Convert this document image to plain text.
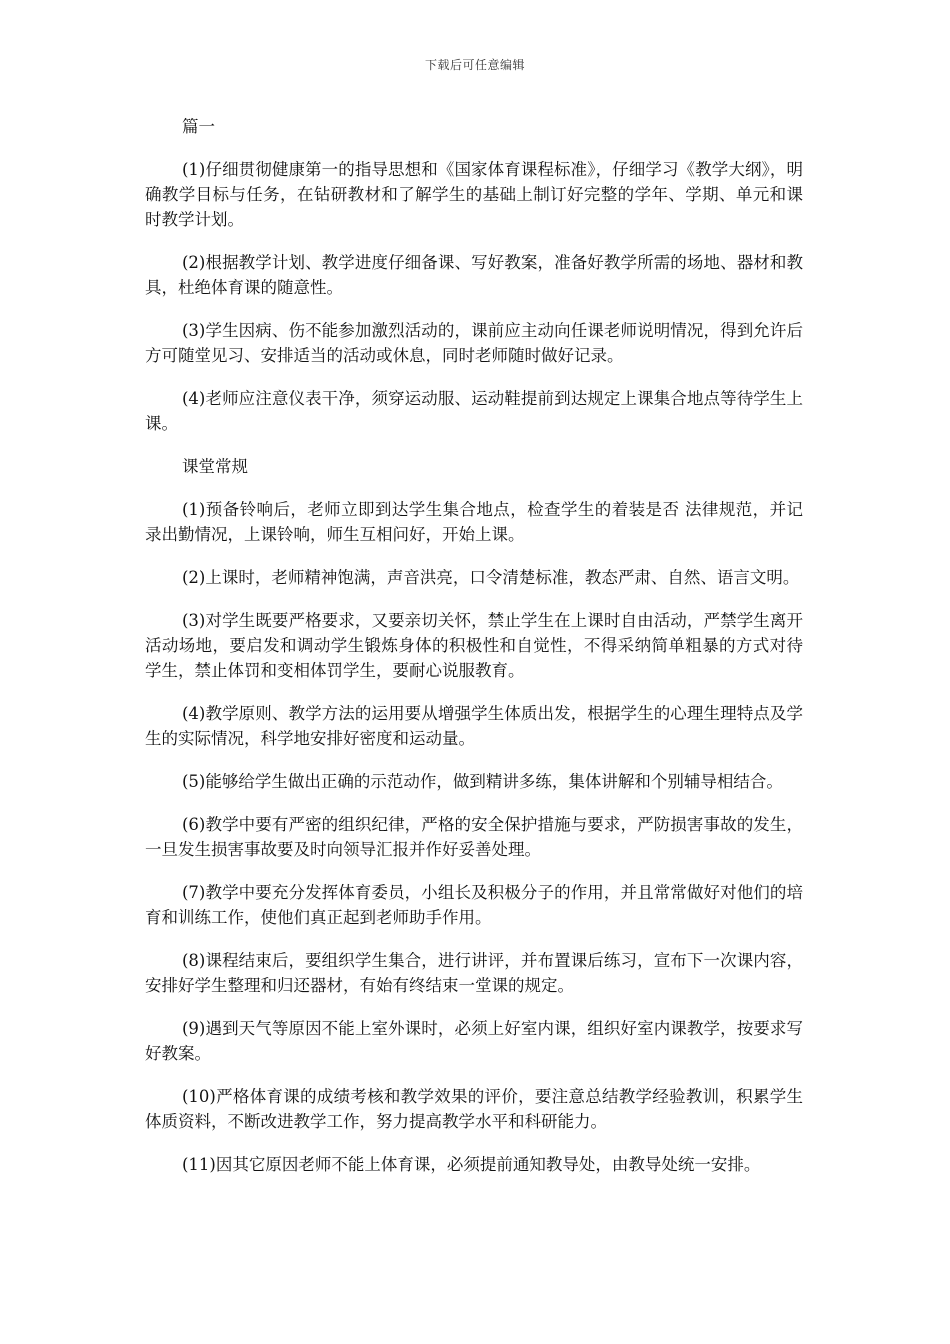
下载后可任意编辑

篇一

(1)仔细贯彻健康第一的指导思想和《国家体育课程标准》，仔细学习《教学大纲》，明确教学目标与任务，在钻研教材和了解学生的基础上制订好完整的学年、学期、单元和课时教学计划。

(2)根据教学计划、教学进度仔细备课、写好教案，准备好教学所需的场地、器材和教具，杜绝体育课的随意性。

(3)学生因病、伤不能参加激烈活动的，课前应主动向任课老师说明情况，得到允许后方可随堂见习、安排适当的活动或休息，同时老师随时做好记录。

(4)老师应注意仪表干净，须穿运动服、运动鞋提前到达规定上课集合地点等待学生上课。

课堂常规

(1)预备铃响后，老师立即到达学生集合地点，检查学生的着装是否 法律规范，并记录出勤情况，上课铃响，师生互相问好，开始上课。

(2)上课时，老师精神饱满，声音洪亮，口令清楚标准，教态严肃、自然、语言文明。

(3)对学生既要严格要求，又要亲切关怀，禁止学生在上课时自由活动，严禁学生离开活动场地，要启发和调动学生锻炼身体的积极性和自觉性，不得采纳简单粗暴的方式对待学生，禁止体罚和变相体罚学生，要耐心说服教育。

(4)教学原则、教学方法的运用要从增强学生体质出发，根据学生的心理生理特点及学生的实际情况，科学地安排好密度和运动量。

(5)能够给学生做出正确的示范动作，做到精讲多练，集体讲解和个别辅导相结合。

(6)教学中要有严密的组织纪律，严格的安全保护措施与要求，严防损害事故的发生，一旦发生损害事故要及时向领导汇报并作好妥善处理。

(7)教学中要充分发挥体育委员，小组长及积极分子的作用，并且常常做好对他们的培育和训练工作，使他们真正起到老师助手作用。

(8)课程结束后，要组织学生集合，进行讲评，并布置课后练习，宣布下一次课内容，安排好学生整理和归还器材，有始有终结束一堂课的规定。

(9)遇到天气等原因不能上室外课时，必须上好室内课，组织好室内课教学，按要求写好教案。

(10)严格体育课的成绩考核和教学效果的评价，要注意总结教学经验教训，积累学生体质资料，不断改进教学工作，努力提高教学水平和科研能力。

(11)因其它原因老师不能上体育课，必须提前通知教导处，由教导处统一安排。
